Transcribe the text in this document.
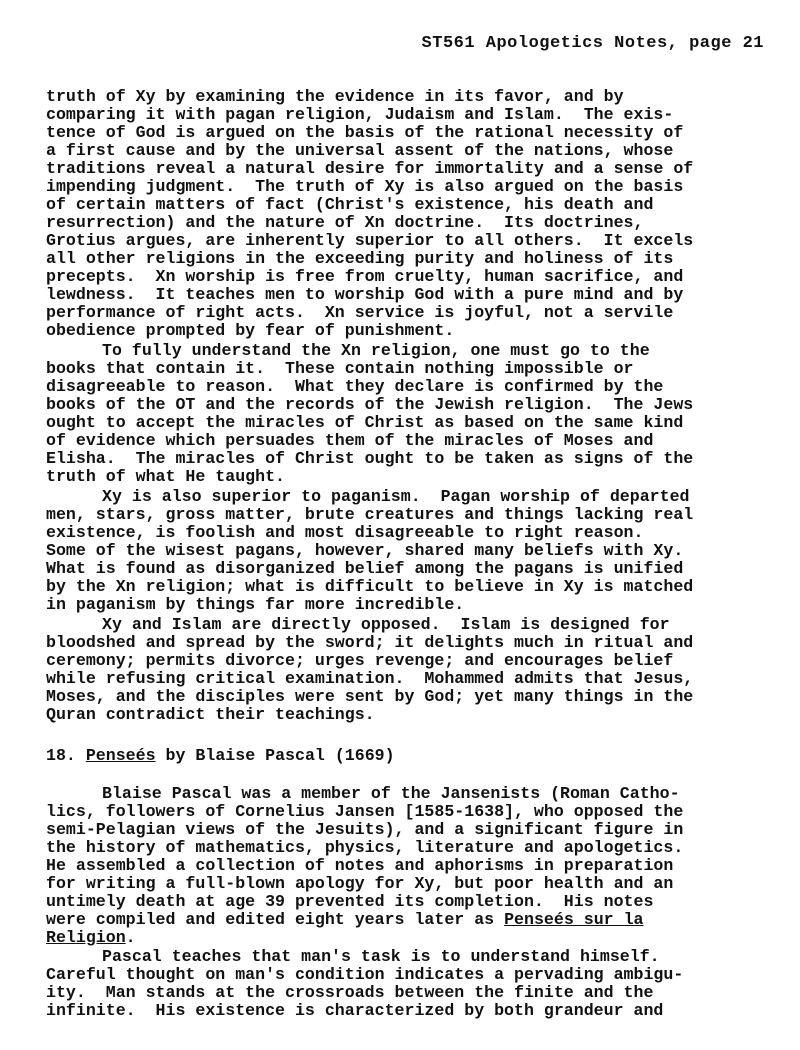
ST561 Apologetics Notes, page 21
truth of Xy by examining the evidence in its favor, and by
comparing it with pagan religion, Judaism and Islam.  The exis-
tence of God is argued on the basis of the rational necessity of
a first cause and by the universal assent of the nations, whose
traditions reveal a natural desire for immortality and a sense of
impending judgment.  The truth of Xy is also argued on the basis
of certain matters of fact (Christ's existence, his death and
resurrection) and the nature of Xn doctrine.  Its doctrines,
Grotius argues, are inherently superior to all others.  It excels
all other religions in the exceeding purity and holiness of its
precepts.  Xn worship is free from cruelty, human sacrifice, and
lewdness.  It teaches men to worship God with a pure mind and by
performance of right acts.  Xn service is joyful, not a servile
obedience prompted by fear of punishment.
To fully understand the Xn religion, one must go to the
books that contain it.  These contain nothing impossible or
disagreeable to reason.  What they declare is confirmed by the
books of the OT and the records of the Jewish religion.  The Jews
ought to accept the miracles of Christ as based on the same kind
of evidence which persuades them of the miracles of Moses and
Elisha.  The miracles of Christ ought to be taken as signs of the
truth of what He taught.
Xy is also superior to paganism.  Pagan worship of departed
men, stars, gross matter, brute creatures and things lacking real
existence, is foolish and most disagreeable to right reason.
Some of the wisest pagans, however, shared many beliefs with Xy.
What is found as disorganized belief among the pagans is unified
by the Xn religion; what is difficult to believe in Xy is matched
in paganism by things far more incredible.
Xy and Islam are directly opposed.  Islam is designed for
bloodshed and spread by the sword; it delights much in ritual and
ceremony; permits divorce; urges revenge; and encourages belief
while refusing critical examination.  Mohammed admits that Jesus,
Moses, and the disciples were sent by God; yet many things in the
Quran contradict their teachings.
18. Penseés by Blaise Pascal (1669)
Blaise Pascal was a member of the Jansenists (Roman Catho-
lics, followers of Cornelius Jansen [1585-1638], who opposed the
semi-Pelagian views of the Jesuits), and a significant figure in
the history of mathematics, physics, literature and apologetics.
He assembled a collection of notes and aphorisms in preparation
for writing a full-blown apology for Xy, but poor health and an
untimely death at age 39 prevented its completion.  His notes
were compiled and edited eight years later as Penseés sur la
Religion.
Pascal teaches that man's task is to understand himself.
Careful thought on man's condition indicates a pervading ambigu-
ity.  Man stands at the crossroads between the finite and the
infinite.  His existence is characterized by both grandeur and
